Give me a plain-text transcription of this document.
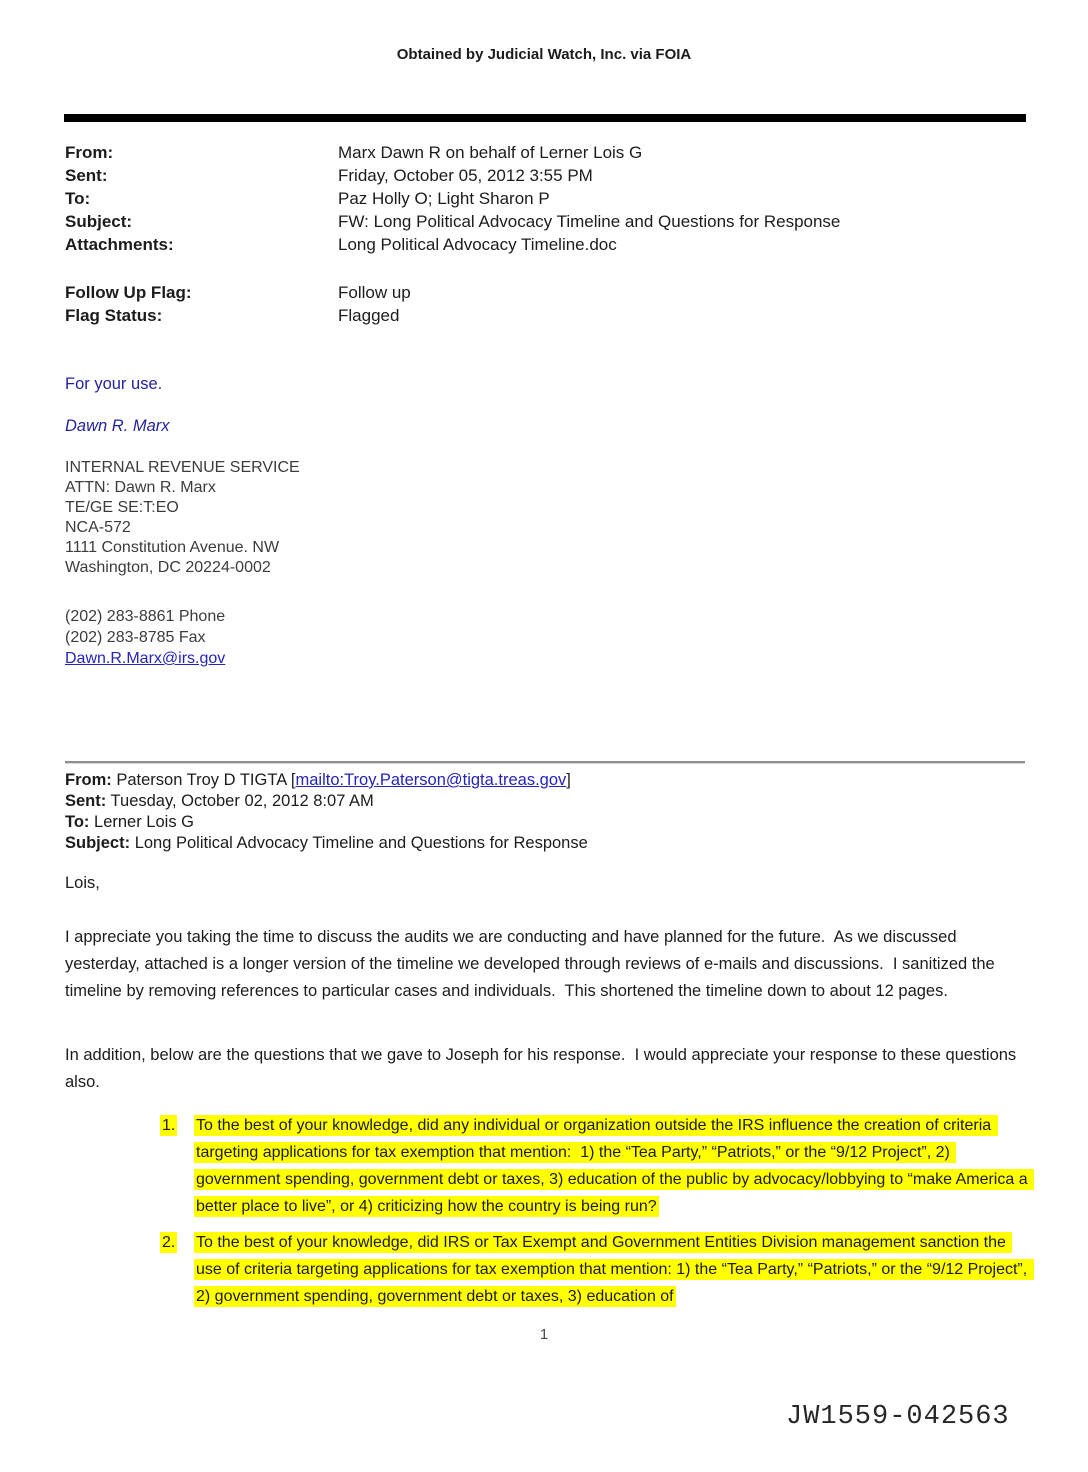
Obtained by Judicial Watch, Inc. via FOIA
From:	Marx Dawn R on behalf of Lerner Lois G
Sent:	Friday, October 05, 2012 3:55 PM
To:	Paz Holly O; Light Sharon P
Subject:	FW: Long Political Advocacy Timeline and Questions for Response
Attachments:	Long Political Advocacy Timeline.doc
Follow Up Flag:	Follow up
Flag Status:	Flagged
For your use.
Dawn R. Marx
INTERNAL REVENUE SERVICE
ATTN: Dawn R. Marx
TE/GE SE:T:EO
NCA-572
1111 Constitution Avenue. NW
Washington, DC 20224-0002
(202) 283-8861 Phone
(202) 283-8785 Fax
Dawn.R.Marx@irs.gov
From: Paterson Troy D TIGTA [mailto:Troy.Paterson@tigta.treas.gov]
Sent: Tuesday, October 02, 2012 8:07 AM
To: Lerner Lois G
Subject: Long Political Advocacy Timeline and Questions for Response
Lois,
I appreciate you taking the time to discuss the audits we are conducting and have planned for the future.  As we discussed yesterday, attached is a longer version of the timeline we developed through reviews of e-mails and discussions.  I sanitized the timeline by removing references to particular cases and individuals.  This shortened the timeline down to about 12 pages.
In addition, below are the questions that we gave to Joseph for his response.  I would appreciate your response to these questions also.
1.	To the best of your knowledge, did any individual or organization outside the IRS influence the creation of criteria targeting applications for tax exemption that mention:  1) the “Tea Party,” “Patriots,” or the “9/12 Project”, 2) government spending, government debt or taxes, 3) education of the public by advocacy/lobbying to “make America a better place to live”, or 4) criticizing how the country is being run?
2.	To the best of your knowledge, did IRS or Tax Exempt and Government Entities Division management sanction the use of criteria targeting applications for tax exemption that mention: 1) the “Tea Party,” “Patriots,” or the “9/12 Project”, 2) government spending, government debt or taxes, 3) education of
1
JW1559-042563
